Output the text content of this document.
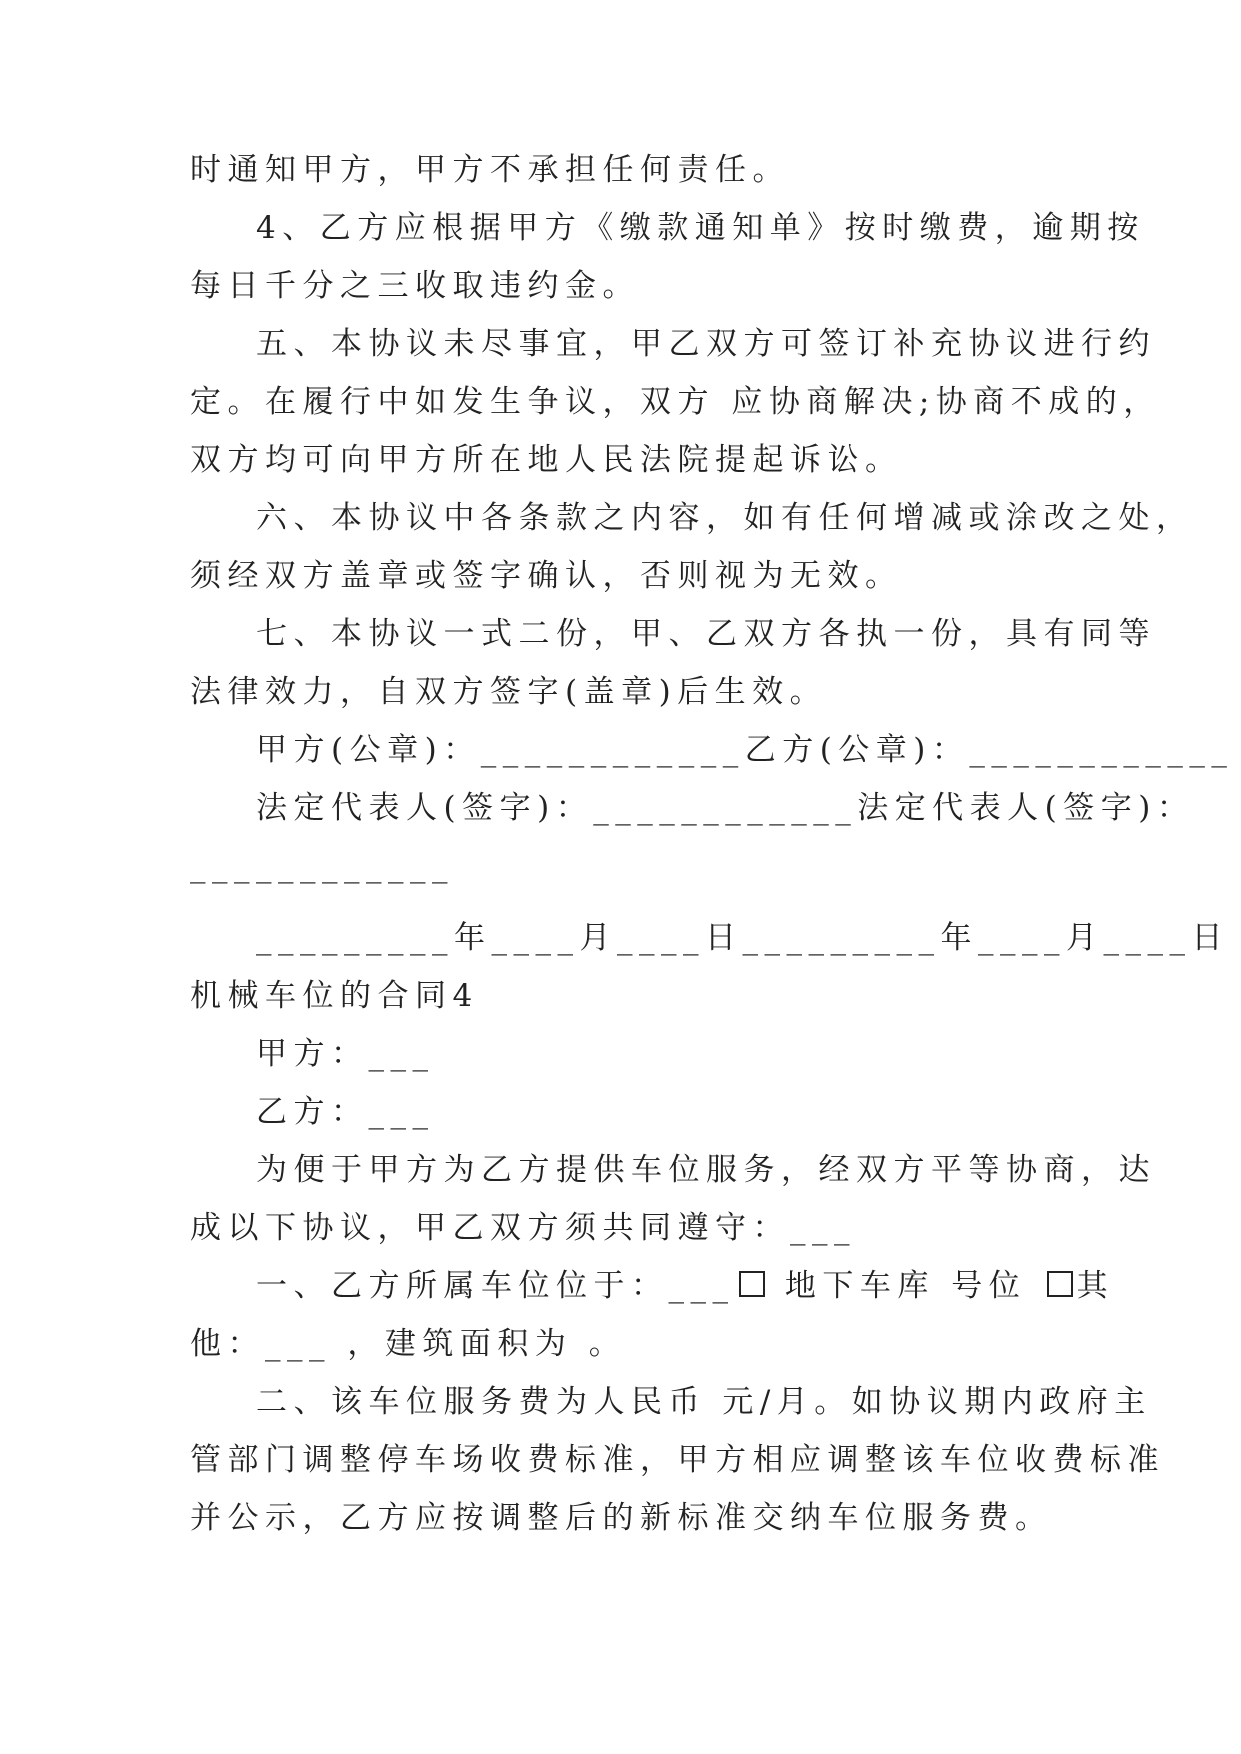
时通知甲方，甲方不承担任何责任。
4、乙方应根据甲方《缴款通知单》按时缴费，逾期按
每日千分之三收取违约金。
五、本协议未尽事宜，甲乙双方可签订补充协议进行约
定。在履行中如发生争议，双方 应协商解决;协商不成的，
双方均可向甲方所在地人民法院提起诉讼。
六、本协议中各条款之内容，如有任何增减或涂改之处，
须经双方盖章或签字确认，否则视为无效。
七、本协议一式二份，甲、乙双方各执一份，具有同等
法律效力，自双方签字(盖章)后生效。
甲方(公章)：____________乙方(公章)：____________
法定代表人(签字)：____________法定代表人(签字)：
____________
_________年____月____日_________年____月____日
机械车位的合同4
甲方：___
乙方：___
为便于甲方为乙方提供车位服务，经双方平等协商，达
成以下协议，甲乙双方须共同遵守：___
一、乙方所属车位位于：___ 地下车库 号位 其
他：___ ，建筑面积为 。
二、该车位服务费为人民币 元/月。如协议期内政府主
管部门调整停车场收费标准，甲方相应调整该车位收费标准
并公示，乙方应按调整后的新标准交纳车位服务费。
